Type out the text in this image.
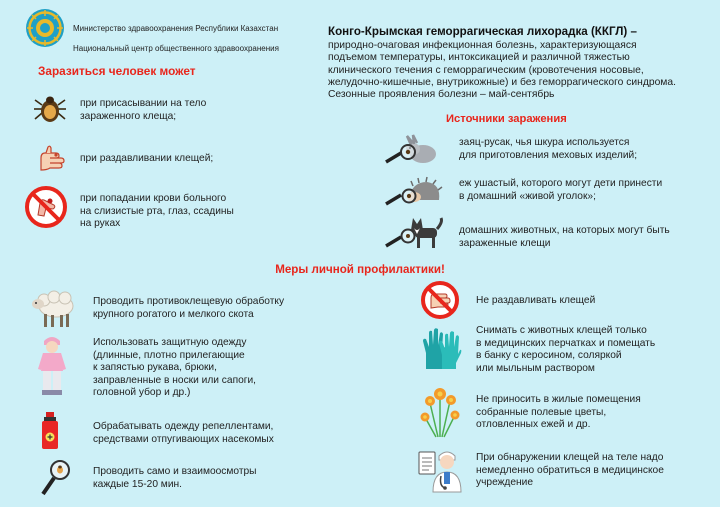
Министерство здравоохранения Республики Казахстан

Национальный центр общественного здравоохранения

Конго-Крымская геморрагическая лихорадка (ККГЛ) –
природно-очаговая инфекционная болезнь, характеризующаяся
подъемом температуры, интоксикацией и различной тяжестью
клинического течения с геморрагическим (кровотечения носовые,
желудочно-кишечные, внутрикожные) и без геморрагического синдрома.
Сезонные проявления болезни – май-сентябрь
Заразиться человек может
при присасывании на тело
зараженного клеща;
при раздавливании клещей;
при попадании крови больного
на слизистые рта, глаз, ссадины
на руках
Источники заражения
заяц-русак, чья шкура используется
для приготовления меховых изделий;
еж ушастый, которого могут дети принести
в домашний «живой уголок»;
домашних животных, на которых могут быть
зараженные клещи
Меры личной профилактики!
Проводить противоклещевую обработку
крупного рогатого и мелкого скота
Использовать защитную одежду
(длинные, плотно прилегающие
к запястью рукава, брюки,
заправленные в носки или сапоги,
головной убор и др.)
Обрабатывать одежду репеллентами,
средствами отпугивающих насекомых
Проводить само и взаимоосмотры
каждые 15-20 мин.
Не раздавливать клещей
Снимать с животных клещей только
в медицинских перчатках и помещать
в банку с керосином, соляркой
или мыльным раствором
Не приносить в жилые помещения
собранные полевые цветы,
отловленных ежей и др.
При обнаружении клещей на теле надо
немедленно обратиться в медицинское
учреждение
